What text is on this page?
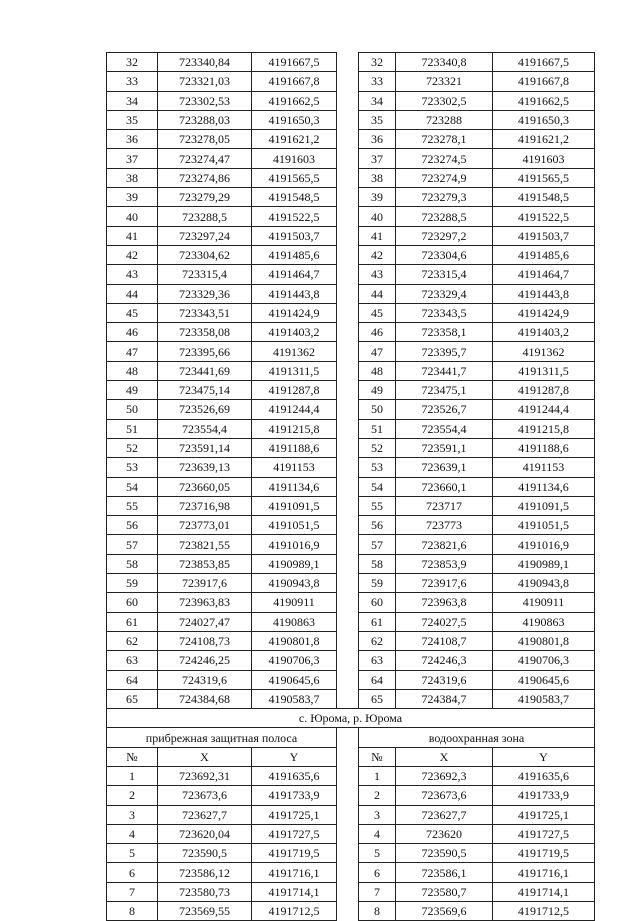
32	723340,84	4191667,5		32	723340,8	4191667,5
33	723321,03	4191667,8		33	723321	4191667,8
34	723302,53	4191662,5		34	723302,5	4191662,5
35	723288,03	4191650,3		35	723288	4191650,3
36	723278,05	4191621,2		36	723278,1	4191621,2
37	723274,47	4191603		37	723274,5	4191603
38	723274,86	4191565,5		38	723274,9	4191565,5
39	723279,29	4191548,5		39	723279,3	4191548,5
40	723288,5	4191522,5		40	723288,5	4191522,5
41	723297,24	4191503,7		41	723297,2	4191503,7
42	723304,62	4191485,6		42	723304,6	4191485,6
43	723315,4	4191464,7		43	723315,4	4191464,7
44	723329,36	4191443,8		44	723329,4	4191443,8
45	723343,51	4191424,9		45	723343,5	4191424,9
46	723358,08	4191403,2		46	723358,1	4191403,2
47	723395,66	4191362		47	723395,7	4191362
48	723441,69	4191311,5		48	723441,7	4191311,5
49	723475,14	4191287,8		49	723475,1	4191287,8
50	723526,69	4191244,4		50	723526,7	4191244,4
51	723554,4	4191215,8		51	723554,4	4191215,8
52	723591,14	4191188,6		52	723591,1	4191188,6
53	723639,13	4191153		53	723639,1	4191153
54	723660,05	4191134,6		54	723660,1	4191134,6
55	723716,98	4191091,5		55	723717	4191091,5
56	723773,01	4191051,5		56	723773	4191051,5
57	723821,55	4191016,9		57	723821,6	4191016,9
58	723853,85	4190989,1		58	723853,9	4190989,1
59	723917,6	4190943,8		59	723917,6	4190943,8
60	723963,83	4190911		60	723963,8	4190911
61	724027,47	4190863		61	724027,5	4190863
62	724108,73	4190801,8		62	724108,7	4190801,8
63	724246,25	4190706,3		63	724246,3	4190706,3
64	724319,6	4190645,6		64	724319,6	4190645,6
65	724384,68	4190583,7		65	724384,7	4190583,7
с. Юрома, р. Юрома						
прибрежная защитная полоса				водоохранная зона		
№	X	Y		№	X	Y
1	723692,31	4191635,6		1	723692,3	4191635,6
2	723673,6	4191733,9		2	723673,6	4191733,9
3	723627,7	4191725,1		3	723627,7	4191725,1
4	723620,04	4191727,5		4	723620	4191727,5
5	723590,5	4191719,5		5	723590,5	4191719,5
6	723586,12	4191716,1		6	723586,1	4191716,1
7	723580,73	4191714,1		7	723580,7	4191714,1
8	723569,55	4191712,5		8	723569,6	4191712,5
